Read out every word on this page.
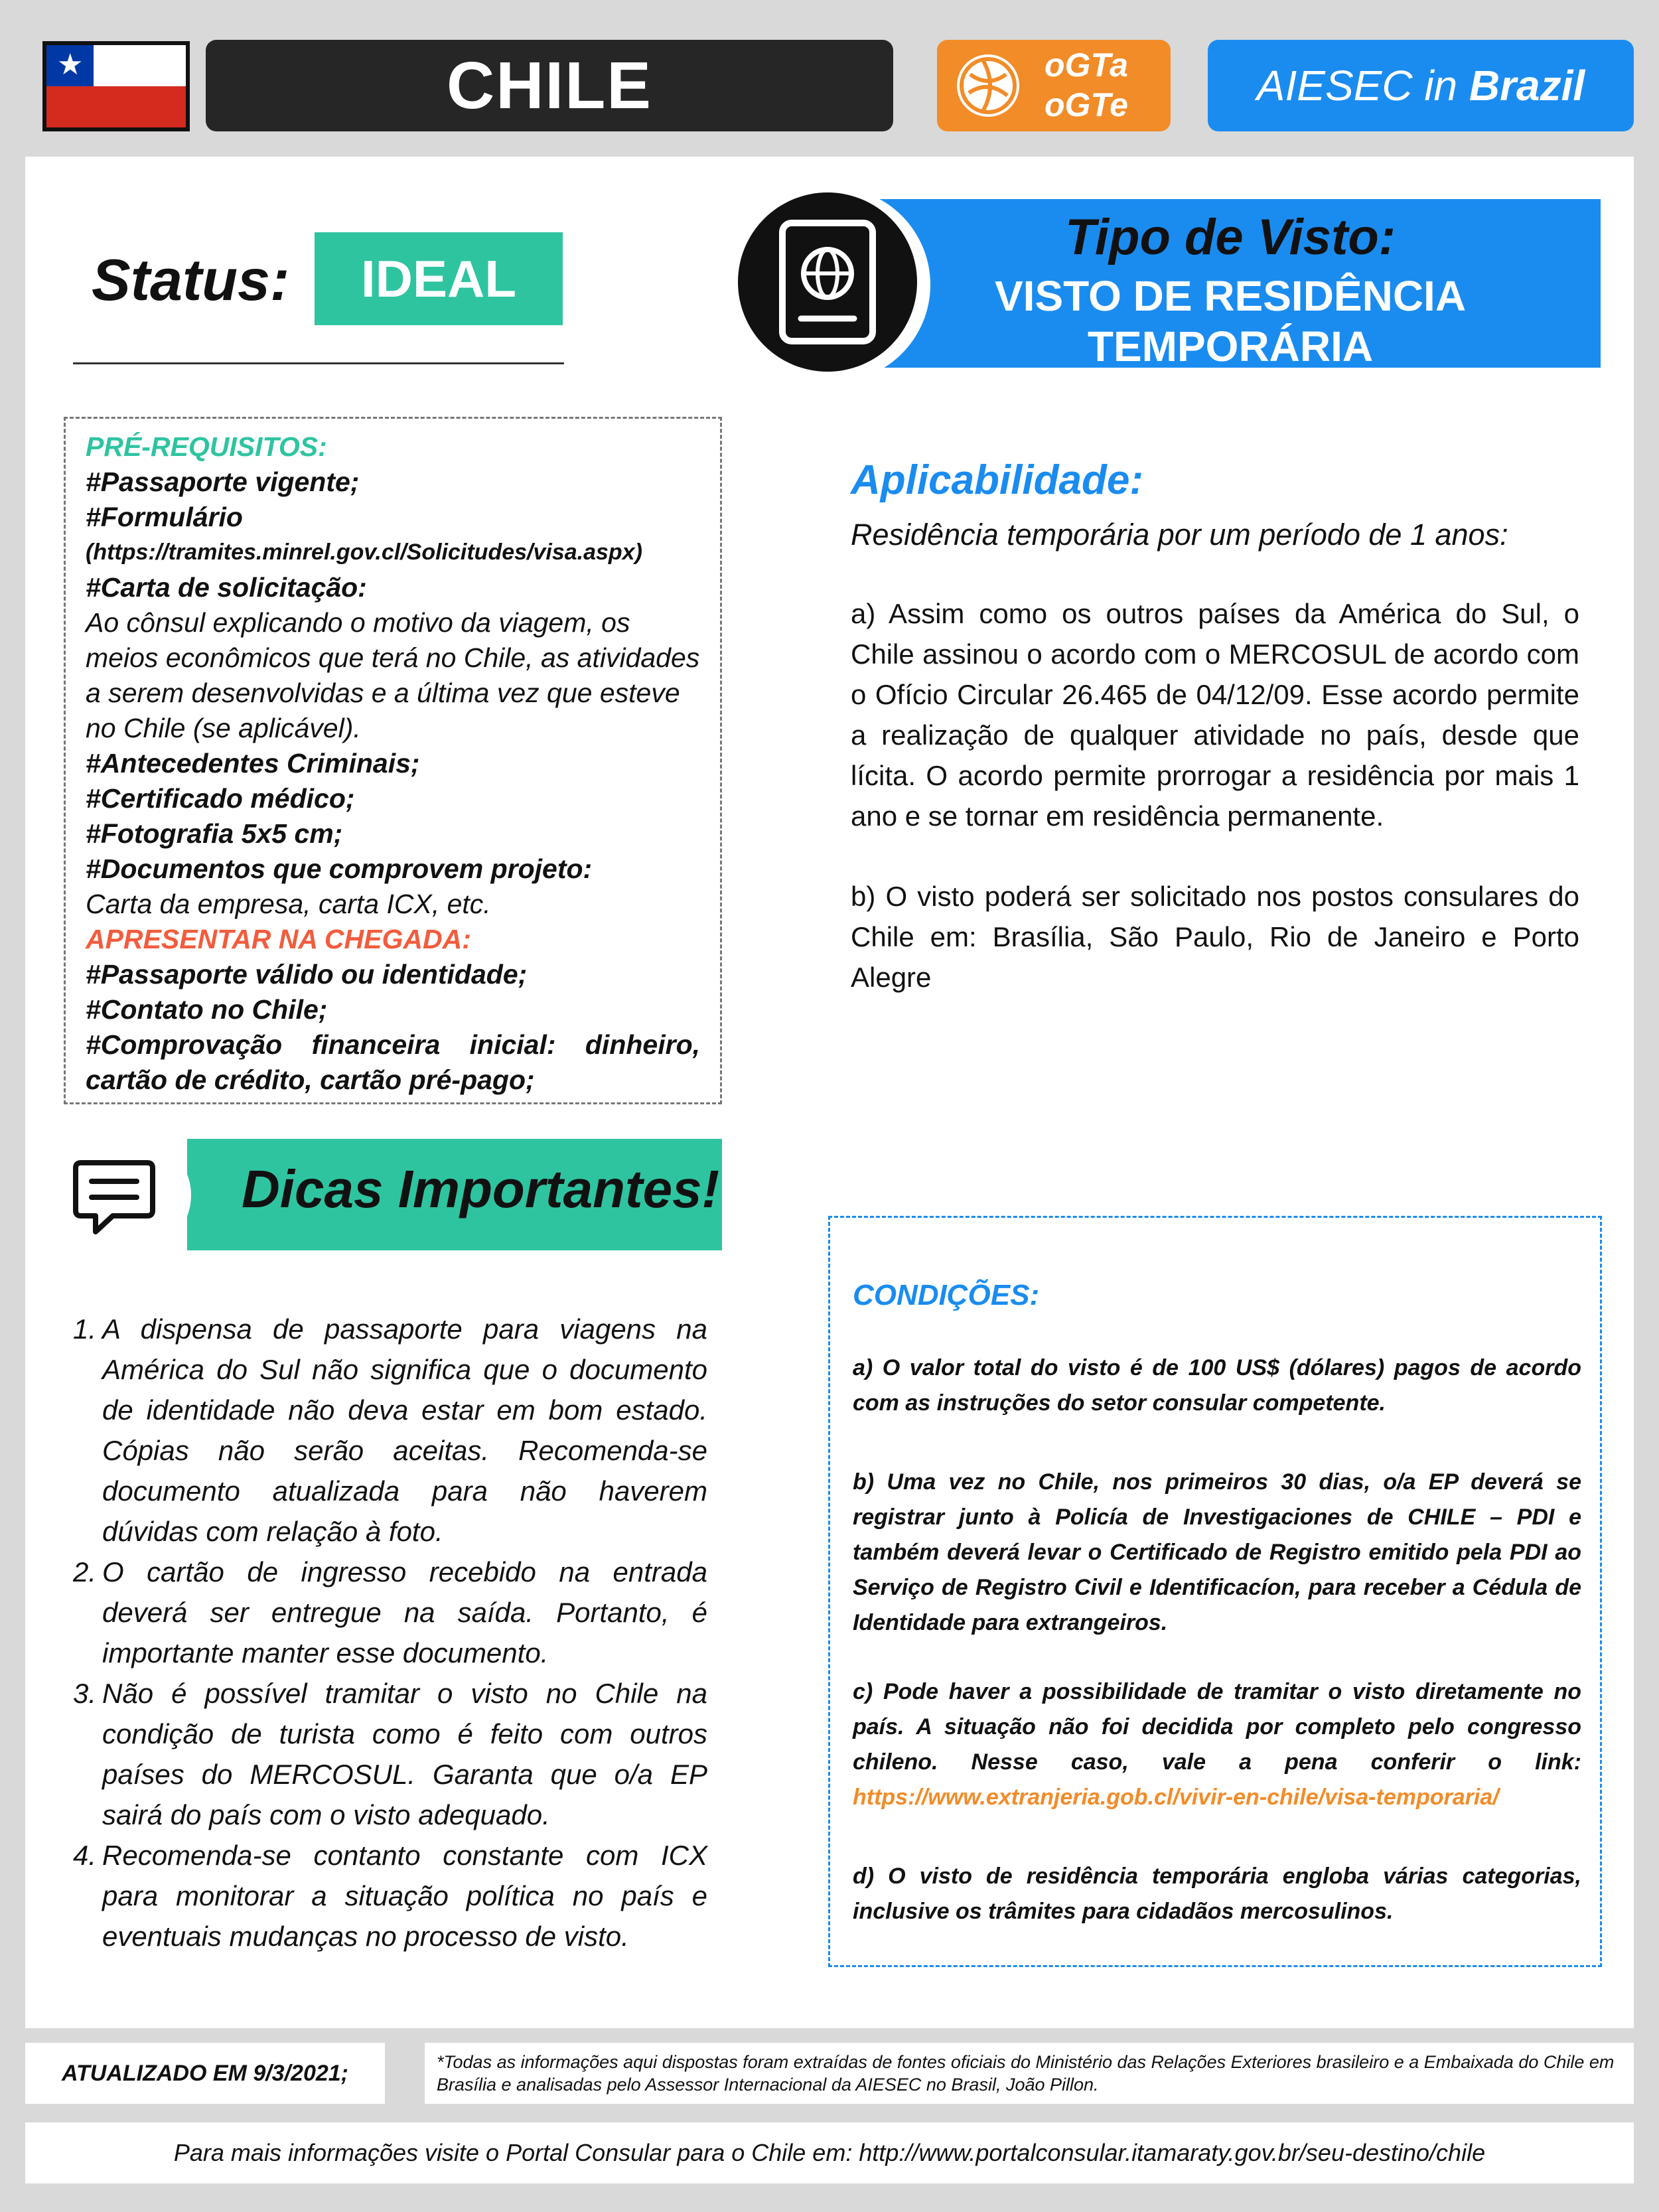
★	CHILE	oGTa
oGTe	AIESEC in Brazil
Status:	IDEAL
Tipo de Visto:
VISTO DE RESIDÊNCIA
TEMPORÁRIA

PRÉ-REQUISITOS:

#Passaporte vigente;

#Formulário

(https://tramites.minrel.gov.cl/Solicitudes/visa.aspx)

#Carta de solicitação:

Ao cônsul explicando o motivo da viagem, os meios econômicos que terá no Chile, as atividades a serem desenvolvidas e a última vez que esteve no Chile (se aplicável).

#Antecedentes Criminais;

#Certificado médico;

#Fotografia 5x5 cm;

#Documentos que comprovem projeto:

Carta da empresa, carta ICX, etc.

APRESENTAR NA CHEGADA:

#Passaporte válido ou identidade;

#Contato no Chile;

#Comprovação financeira inicial: dinheiro, cartão de crédito, cartão pré-pago;

Aplicabilidade:
Residência temporária por um período de 1 anos:

a) Assim como os outros países da América do Sul, o Chile assinou o acordo com o MERCOSUL de acordo com o Ofício Circular 26.465 de 04/12/09. Esse acordo permite a realização de qualquer atividade no país, desde que lícita. O acordo permite prorrogar a residência por mais 1 ano e se tornar em residência permanente.

b) O visto poderá ser solicitado nos postos consulares do Chile em: Brasília, São Paulo, Rio de Janeiro e Porto Alegre

Dicas Importantes!
1. A dispensa de passaporte para viagens na América do Sul não significa que o documento de identidade não deva estar em bom estado. Cópias não serão aceitas. Recomenda-se documento atualizada para não haverem dúvidas com relação à foto.
2. O cartão de ingresso recebido na entrada deverá ser entregue na saída. Portanto, é importante manter esse documento.
3. Não é possível tramitar o visto no Chile na condição de turista como é feito com outros países do MERCOSUL. Garanta que o/a EP sairá do país com o visto adequado.
4. Recomenda-se contanto constante com ICX para monitorar a situação política no país e eventuais mudanças no processo de visto.
CONDIÇÕES:

a) O valor total do visto é de 100 US$ (dólares) pagos de acordo com as instruções do setor consular competente.

b) Uma vez no Chile, nos primeiros 30 dias, o/a EP deverá se registrar junto à Policía de Investigaciones de CHILE – PDI e também deverá levar o Certificado de Registro emitido pela PDI ao Serviço de Registro Civil e Identificacíon, para receber a Cédula de Identidade para extrangeiros.

c) Pode haver a possibilidade de tramitar o visto diretamente no país. A situação não foi decidida por completo pelo congresso chileno. Nesse caso, vale a pena conferir o link: https://www.extranjeria.gob.cl/vivir-en-chile/visa-temporaria/

d) O visto de residência temporária engloba várias categorias, inclusive os trâmites para cidadãos mercosulinos.

ATUALIZADO EM 9/3/2021;	*Todas as informações aqui dispostas foram extraídas de fontes oficiais do Ministério das Relações Exteriores brasileiro e a Embaixada do Chile em Brasília e analisadas pelo Assessor Internacional da AIESEC no Brasil, João Pillon.
Para mais informações visite o Portal Consular para o Chile em: http://www.portalconsular.itamaraty.gov.br/seu-destino/chile
